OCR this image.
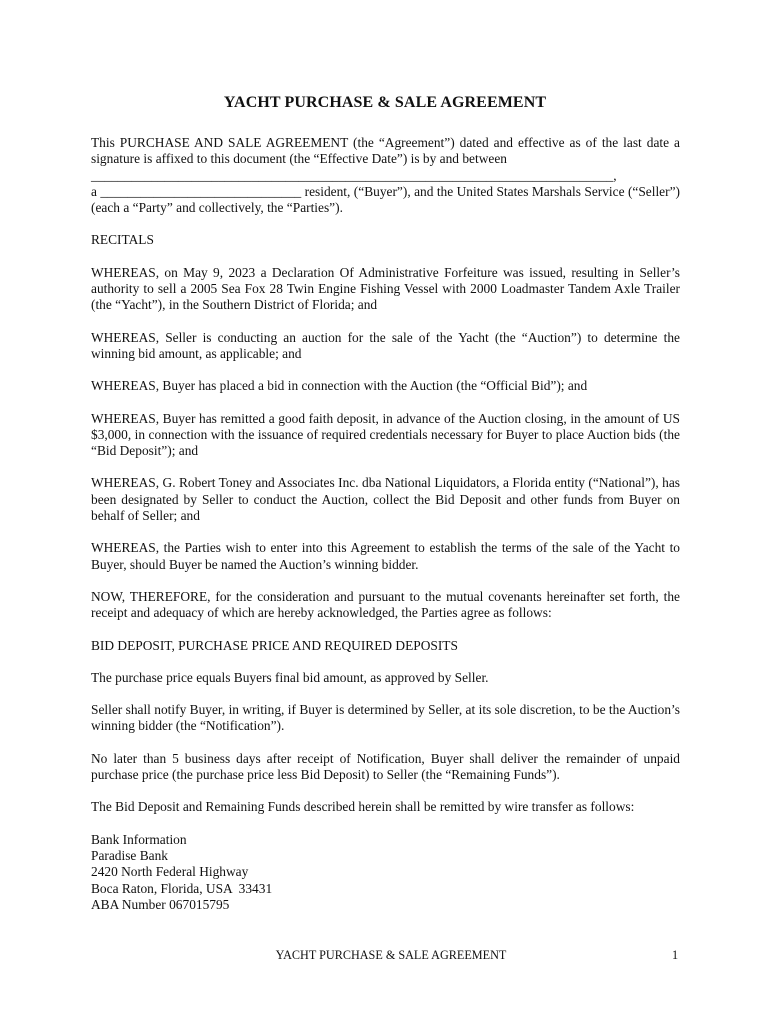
YACHT PURCHASE & SALE AGREEMENT

This PURCHASE AND SALE AGREEMENT (the “Agreement”) dated and effective as of the last date a signature is affixed to this document (the “Effective Date”) is by and between

______________________________________________________________________________,

a ______________________________ resident, (“Buyer”), and the United States Marshals Service (“Seller”) (each a “Party” and collectively, the “Parties”).

RECITALS

WHEREAS, on May 9, 2023 a Declaration Of Administrative Forfeiture was issued, resulting in Seller’s authority to sell a 2005 Sea Fox 28 Twin Engine Fishing Vessel with 2000 Loadmaster Tandem Axle Trailer (the “Yacht”), in the Southern District of Florida; and

WHEREAS, Seller is conducting an auction for the sale of the Yacht (the “Auction”) to determine the winning bid amount, as applicable; and

WHEREAS, Buyer has placed a bid in connection with the Auction (the “Official Bid”); and

WHEREAS, Buyer has remitted a good faith deposit, in advance of the Auction closing, in the amount of US $3,000, in connection with the issuance of required credentials necessary for Buyer to place Auction bids (the “Bid Deposit”); and

WHEREAS, G. Robert Toney and Associates Inc. dba National Liquidators, a Florida entity (“National”), has been designated by Seller to conduct the Auction, collect the Bid Deposit and other funds from Buyer on behalf of Seller; and

WHEREAS, the Parties wish to enter into this Agreement to establish the terms of the sale of the Yacht to Buyer, should Buyer be named the Auction’s winning bidder.

NOW, THEREFORE, for the consideration and pursuant to the mutual covenants hereinafter set forth, the receipt and adequacy of which are hereby acknowledged, the Parties agree as follows:

BID DEPOSIT, PURCHASE PRICE AND REQUIRED DEPOSITS

The purchase price equals Buyers final bid amount, as approved by Seller.

Seller shall notify Buyer, in writing, if Buyer is determined by Seller, at its sole discretion, to be the Auction’s winning bidder (the “Notification”).

No later than 5 business days after receipt of Notification, Buyer shall deliver the remainder of unpaid purchase price (the purchase price less Bid Deposit) to Seller (the “Remaining Funds”).

The Bid Deposit and Remaining Funds described herein shall be remitted by wire transfer as follows:

Bank Information
Paradise Bank
2420 North Federal Highway
Boca Raton, Florida, USA  33431
ABA Number 067015795
YACHT PURCHASE & SALE AGREEMENT	1
